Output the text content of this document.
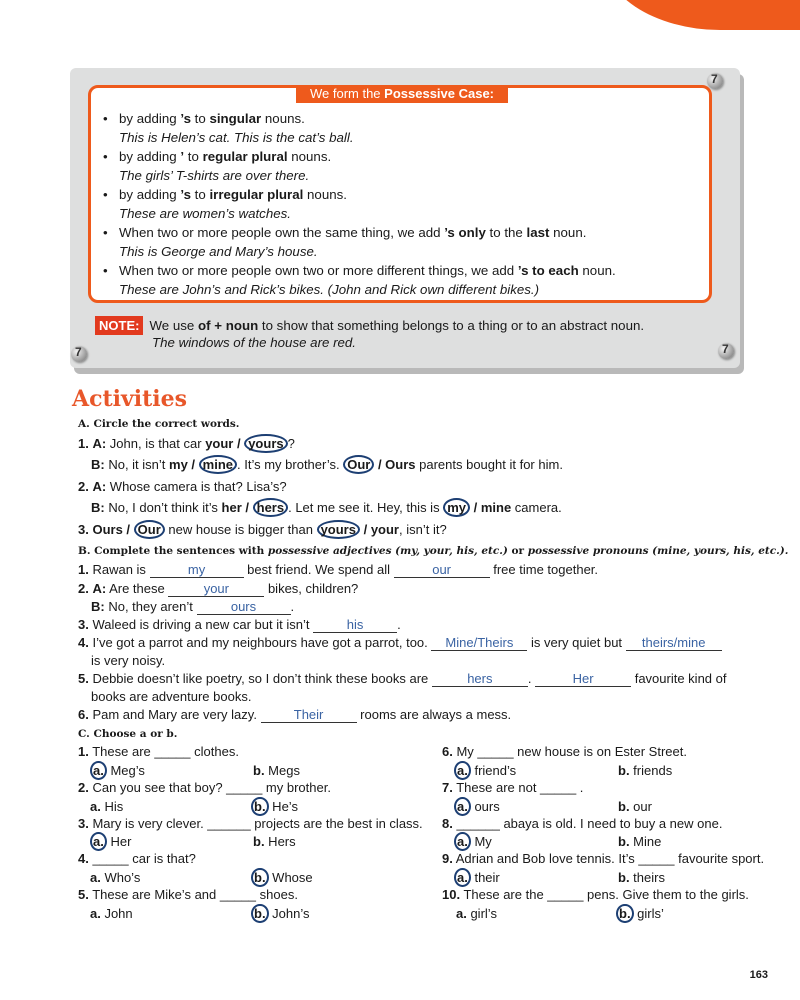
7
7
7
We form the Possessive Case:
• by adding ’s to singular nouns.
This is Helen’s cat. This is the cat’s ball.
• by adding ’ to regular plural nouns.
The girls’ T-shirts are over there.
• by adding ’s to irregular plural nouns.
These are women’s watches.
• When two or more people own the same thing, we add ’s only to the last noun.
This is George and Mary’s house.
• When two or more people own two or more different things, we add ’s to each noun.
These are John’s and Rick’s bikes. (John and Rick own different bikes.)
NOTE: We use of + noun to show that something belongs to a thing or to an abstract noun.
The windows of the house are red.
Activities
A. Circle the correct words.
1. A: John, is that car your / yours ?
B: No, it isn’t my / mine . It’s my brother’s. Our / Ours parents bought it for him.
2. A: Whose camera is that? Lisa’s?
B: No, I don’t think it’s her / hers . Let me see it. Hey, this is my / mine camera.
3. Ours / Our new house is bigger than yours / your, isn’t it?
B. Complete the sentences with possessive adjectives (my, your, his, etc.) or possessive pronouns (mine, yours, his, etc.).
1. Rawan is	my	best friend. We spend all	our	free time together.
2. A: Are these	your	bikes, children?
B: No, they aren’t	ours	.
3. Waleed is driving a new car but it isn’t	his	.
4. I’ve got a parrot and my neighbours have got a parrot, too. Mine/Theirs is very quiet but theirs/mine
is very noisy.
5. Debbie doesn’t like poetry, so I don’t think these books are	hers	.	Her	favourite kind of
books are adventure books.
6. Pam and Mary are very lazy.	Their	rooms are always a mess.
C. Choose a or b.
1. These are _____ clothes.
a. Meg’s	b. Megs
2. Can you see that boy? _____ my brother.
a. His	b. He’s
3. Mary is very clever. ______ projects are the best in class.
a. Her	b. Hers
4. _____ car is that?
a. Who’s	b. Whose
5. These are Mike’s and _____ shoes.
a. John	b. John’s
6. My _____ new house is on Ester Street.
a. friend’s	b. friends
7. These are not _____ .
a. ours	b. our
8. ______ abaya is old. I need to buy a new one.
a. My	b. Mine
9. Adrian and Bob love tennis. It’s _____ favourite sport.
a. their	b. theirs
10. These are the _____ pens. Give them to the girls.
a. girl’s	b. girls’
163
